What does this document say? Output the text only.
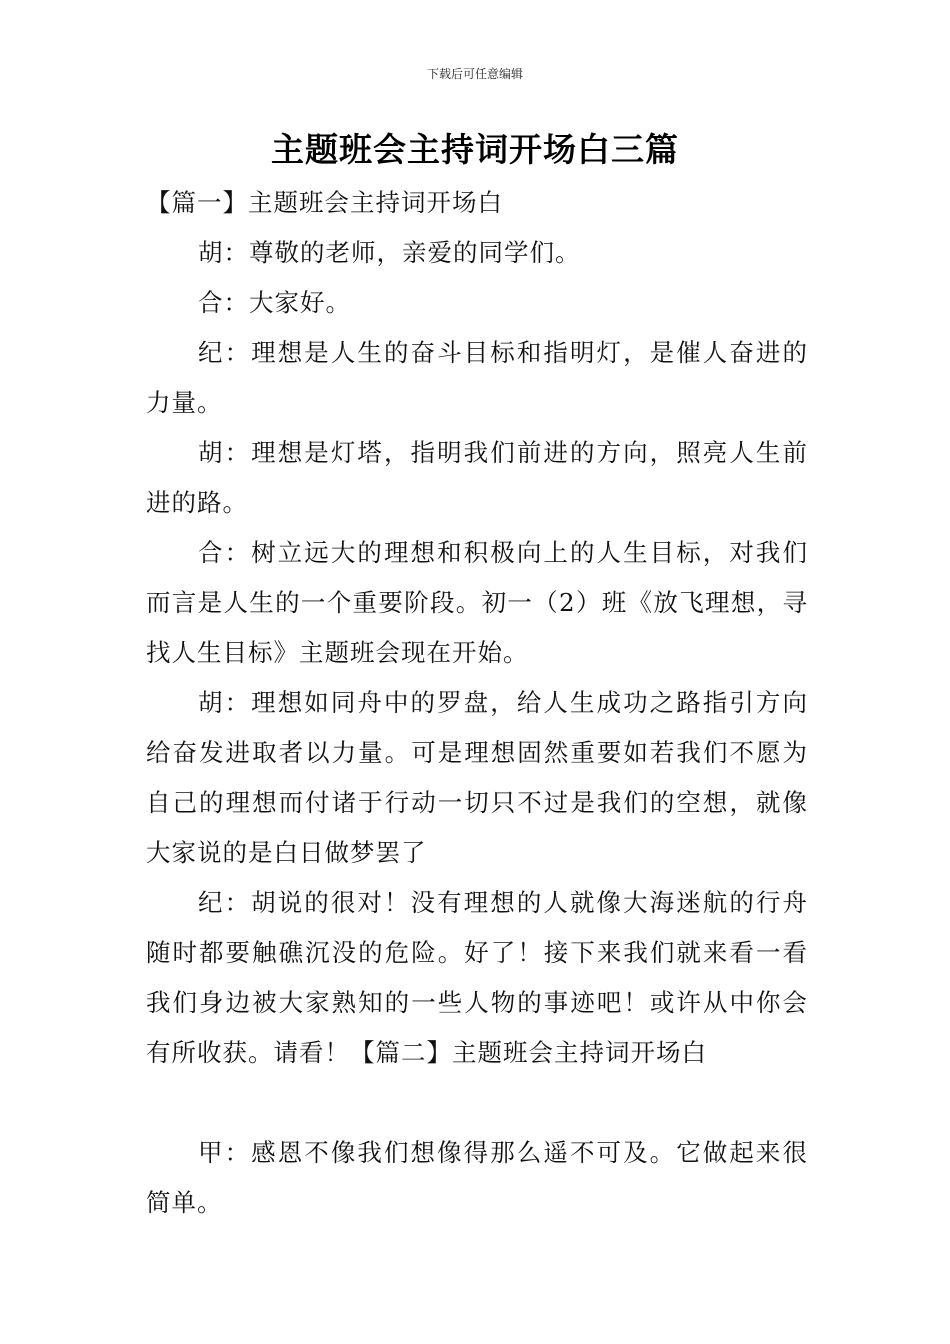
下载后可任意编辑
主题班会主持词开场白三篇

【篇一】主题班会主持词开场白

胡：尊敬的老师，亲爱的同学们。

合：大家好。

纪：理想是人生的奋斗目标和指明灯，是催人奋进的力量。

胡：理想是灯塔，指明我们前进的方向，照亮人生前进的路。

合：树立远大的理想和积极向上的人生目标，对我们而言是人生的一个重要阶段。初一（2）班《放飞理想，寻找人生目标》主题班会现在开始。

胡：理想如同舟中的罗盘，给人生成功之路指引方向给奋发进取者以力量。可是理想固然重要如若我们不愿为自己的理想而付诸于行动一切只不过是我们的空想，就像大家说的是白日做梦罢了

纪：胡说的很对！没有理想的人就像大海迷航的行舟随时都要触礁沉没的危险。好了！接下来我们就来看一看我们身边被大家熟知的一些人物的事迹吧！或许从中你会有所收获。请看！【篇二】主题班会主持词开场白

甲：感恩不像我们想像得那么遥不可及。它做起来很简单。
